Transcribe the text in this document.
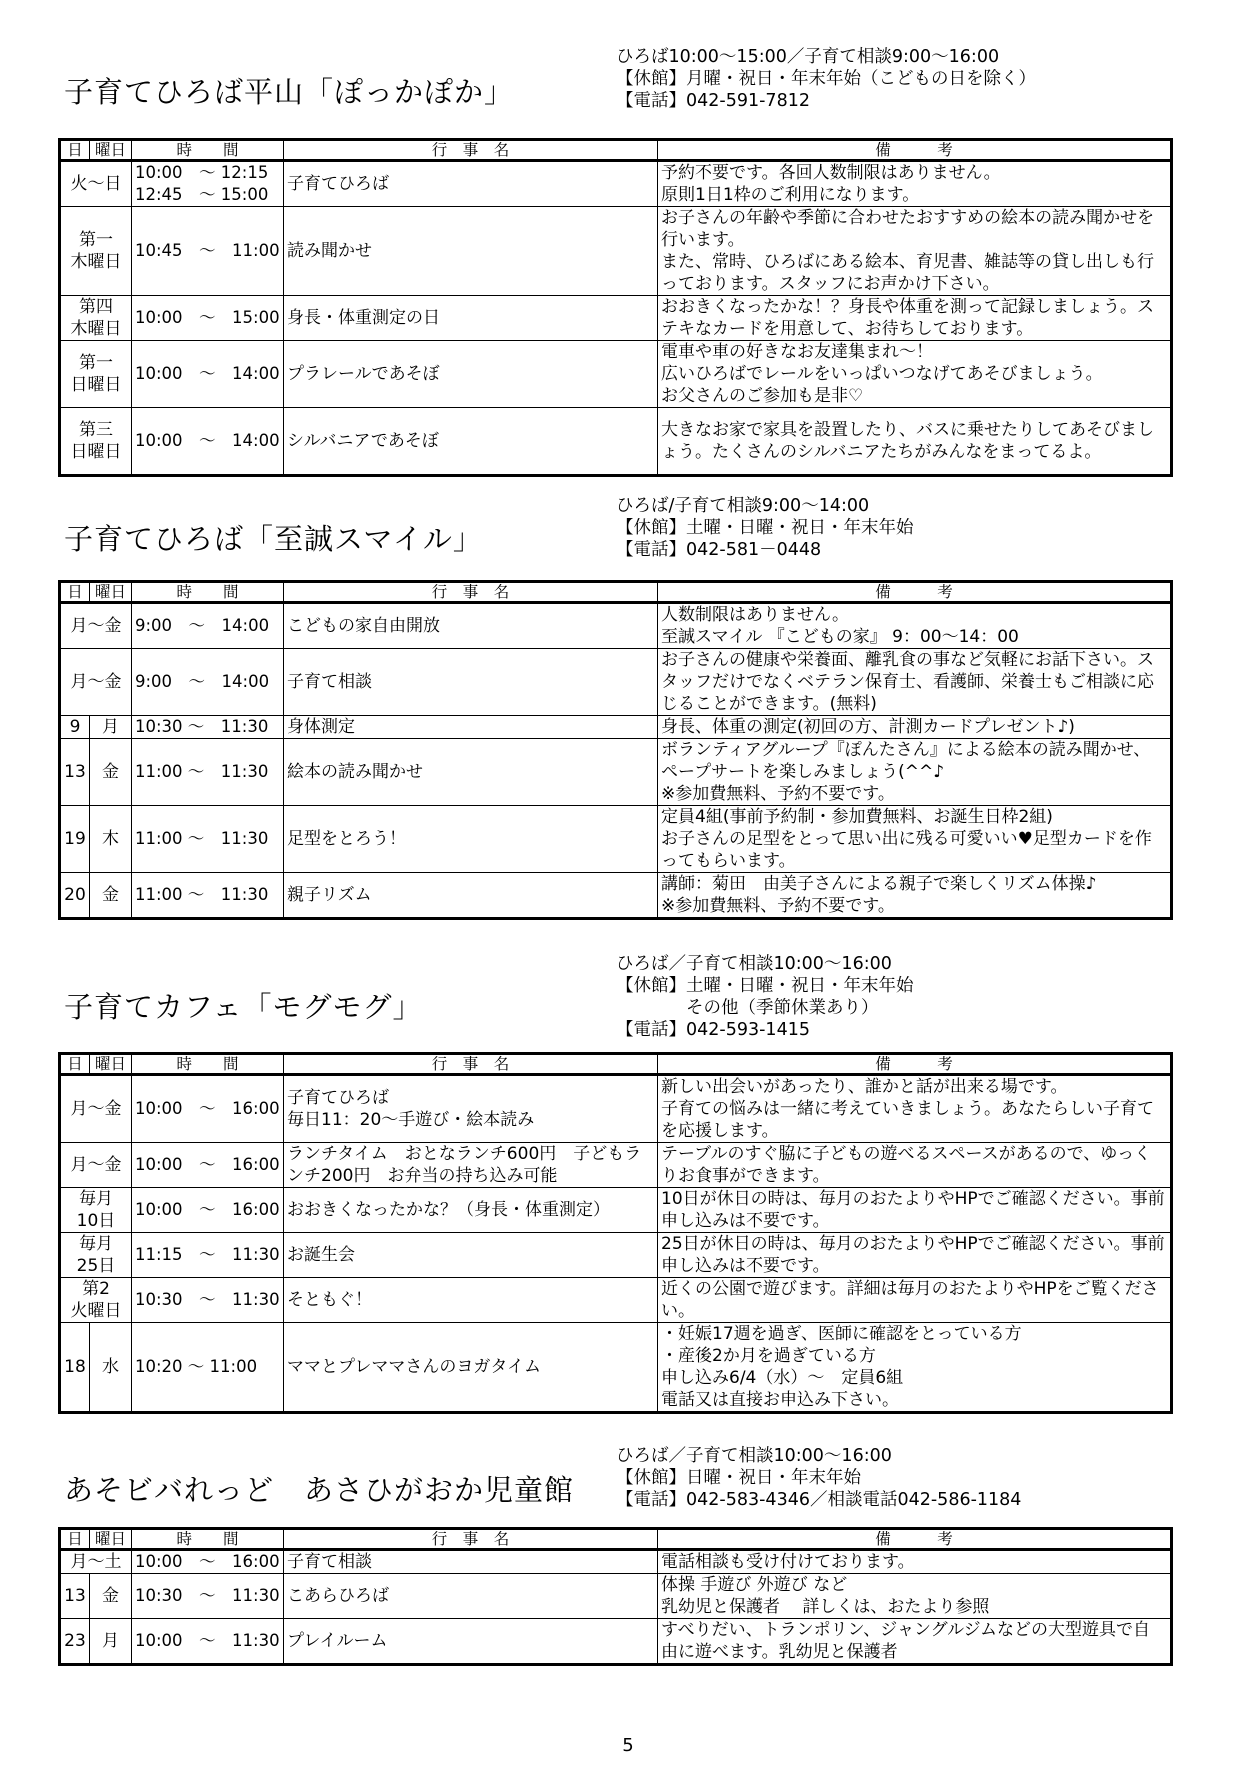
子育てひろば平山「ぽっかぽか」
ひろば10:00～15:00／子育て相談9:00～16:00
【休館】月曜・祝日・年末年始（こどもの日を除く）
【電話】042-591-7812
日	曜日	時　　間	行　事　名	備　　　考
火～日		10:00　～ 12:15
12:45　～ 15:00	子育てひろば	予約不要です。各回人数制限はありません。
原則1日1枠のご利用になります。
第一
木曜日		10:45　～　11:00	読み聞かせ	お子さんの年齢や季節に合わせたおすすめの絵本の読み聞かせを行います。
また、常時、ひろばにある絵本、育児書、雑誌等の貸し出しも行っております。スタッフにお声かけ下さい。
第四
木曜日		10:00　～　15:00	身長・体重測定の日	おおきくなったかな！？身長や体重を測って記録しましょう。ステキなカードを用意して、お待ちしております。
第一
日曜日		10:00　～　14:00	プラレールであそぼ	電車や車の好きなお友達集まれ～！
広いひろばでレールをいっぱいつなげてあそびましょう。
お父さんのご参加も是非♡
第三
日曜日		10:00　～　14:00	シルバニアであそぼ	大きなお家で家具を設置したり、バスに乗せたりしてあそびましょう。たくさんのシルバニアたちがみんなをまってるよ。
子育てひろば「至誠スマイル」
ひろば/子育て相談9:00～14:00
【休館】土曜・日曜・祝日・年末年始
【電話】042-581－0448
日	曜日	時　　間	行　事　名	備　　　考
月～金		9:00　～　14:00	こどもの家自由開放	人数制限はありません。
至誠スマイル 『こどもの家』 9：00～14：00
月～金		9:00　～　14:00	子育て相談	お子さんの健康や栄養面、離乳食の事など気軽にお話下さい。スタッフだけでなくベテラン保育士、看護師、栄養士もご相談に応じることができます。(無料)
9	月	10:30 ～　11:30	身体測定	身長、体重の測定(初回の方、計測カードプレゼント♪)
13	金	11:00 ～　11:30	絵本の読み聞かせ	ボランティアグループ『ぽんたさん』による絵本の読み聞かせ、ペープサートを楽しみましょう(^^♪
※参加費無料、予約不要です。
19	木	11:00 ～　11:30	足型をとろう！	定員4組(事前予約制・参加費無料、お誕生日枠2組)
お子さんの足型をとって思い出に残る可愛いい♥足型カードを作ってもらいます。
20	金	11:00 ～　11:30	親子リズム	講師：菊田　由美子さんによる親子で楽しくリズム体操♪
※参加費無料、予約不要です。
子育てカフェ「モグモグ」
ひろば／子育て相談10:00～16:00
【休館】土曜・日曜・祝日・年末年始
　　　　その他（季節休業あり）
【電話】042-593-1415
日	曜日	時　　間	行　事　名	備　　　考
月～金		10:00　～　16:00	子育てひろば
毎日11：20～手遊び・絵本読み	新しい出会いがあったり、誰かと話が出来る場です。
子育ての悩みは一緒に考えていきましょう。あなたらしい子育てを応援します。
月～金		10:00　～　16:00	ランチタイム　おとなランチ600円　子どもランチ200円　お弁当の持ち込み可能	テーブルのすぐ脇に子どもの遊べるスペースがあるので、ゆっくりお食事ができます。
毎月
10日		10:00　～　16:00	おおきくなったかな？（身長・体重測定）	10日が休日の時は、毎月のおたよりやHPでご確認ください。事前申し込みは不要です。
毎月
25日		11:15　～　11:30	お誕生会	25日が休日の時は、毎月のおたよりやHPでご確認ください。事前申し込みは不要です。
第2
火曜日		10:30　～　11:30	そともぐ！	近くの公園で遊びます。詳細は毎月のおたよりやHPをご覧ください。
18	水	10:20 ～ 11:00	ママとプレママさんのヨガタイム	・妊娠17週を過ぎ、医師に確認をとっている方
・産後2か月を過ぎている方
申し込み6/4（水）～　定員6組
電話又は直接お申込み下さい。
あそビバれっど　あさひがおか児童館
ひろば／子育て相談10:00～16:00
【休館】日曜・祝日・年末年始
【電話】042-583-4346／相談電話042-586-1184
日	曜日	時　　間	行　事　名	備　　　考
月～土		10:00　～　16:00	子育て相談	電話相談も受け付けております。
13	金	10:30　～　11:30	こあらひろば	体操 手遊び 外遊び など
乳幼児と保護者　 詳しくは、おたより参照
23	月	10:00　～　11:30	プレイルーム	すべりだい、トランポリン、ジャングルジムなどの大型遊具で自由に遊べます。乳幼児と保護者
5
